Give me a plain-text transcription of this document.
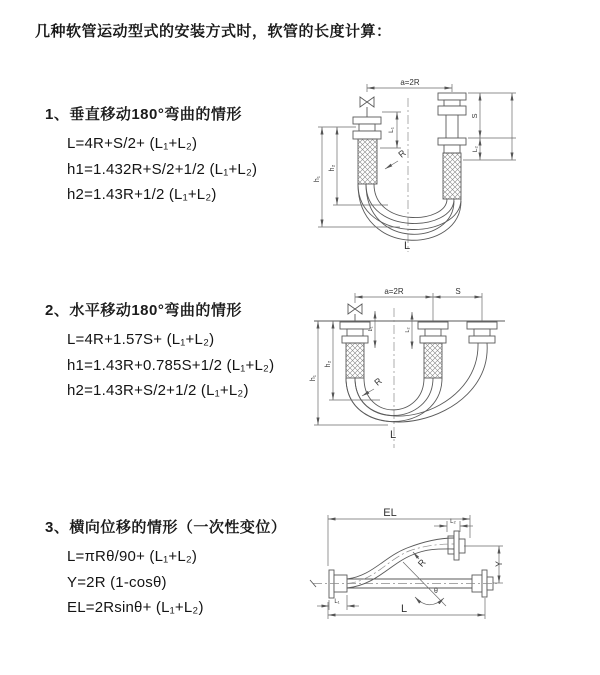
几种软管运动型式的安装方式时，软管的长度计算：
1、垂直移动180°弯曲的情形
L=4R+S/2+ (L₁+L₂)
h1=1.432R+S/2+1/2 (L₁+L₂)
h2=1.43R+1/2 (L₁+L₂)
2、水平移动180°弯曲的情形
L=4R+1.57S+ (L₁+L₂)
h1=1.43R+0.785S+1/2 (L₁+L₂)
h2=1.43R+S/2+1/2 (L₁+L₂)
3、横向位移的情形（一次性变位）
L=πRθ/90+ (L₁+L₂)
Y=2R (1-cosθ)
EL=2Rsinθ+ (L₁+L₂)
a=2R
L₁
S
L₂
h₁
h₂
R
L
a=2R	S
L₁	L₂
h₁
h₂
R
L
EL
L₂
Y
θ
R
L₁
L
